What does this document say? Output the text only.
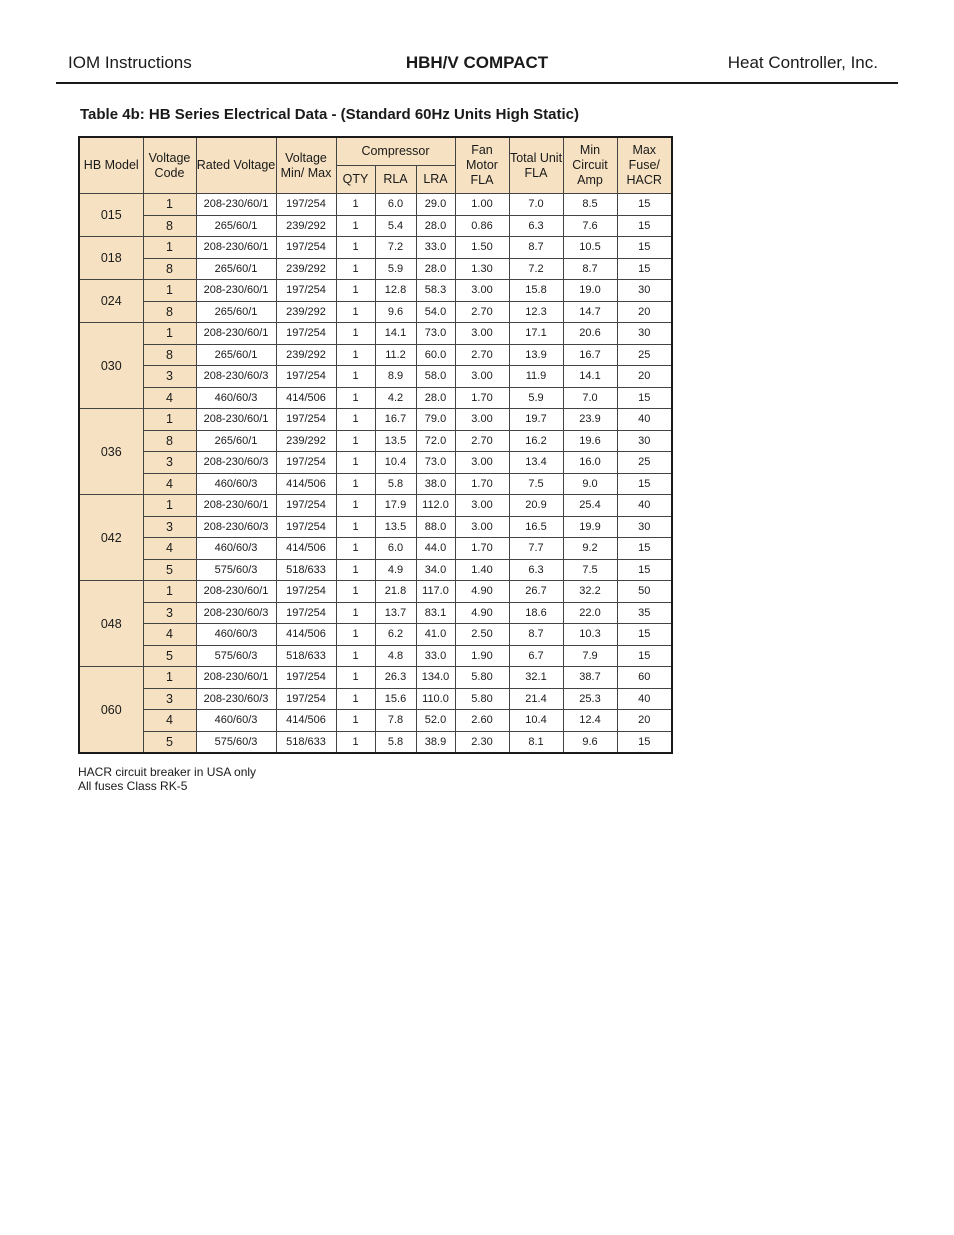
IOM Instructions	HBH/V COMPACT	Heat Controller, Inc.
Table 4b: HB Series Electrical Data - (Standard 60Hz Units High Static)
HB Model	Voltage Code	Rated Voltage	Voltage Min/ Max	Compressor			Fan Motor FLA	Total Unit FLA	Min Circuit Amp	Max Fuse/ HACR
				QTY	RLA	LRA				
015	1	208-230/60/1	197/254	1	6.0	29.0	1.00	7.0	8.5	15
	8	265/60/1	239/292	1	5.4	28.0	0.86	6.3	7.6	15
018	1	208-230/60/1	197/254	1	7.2	33.0	1.50	8.7	10.5	15
	8	265/60/1	239/292	1	5.9	28.0	1.30	7.2	8.7	15
024	1	208-230/60/1	197/254	1	12.8	58.3	3.00	15.8	19.0	30
	8	265/60/1	239/292	1	9.6	54.0	2.70	12.3	14.7	20
030	1	208-230/60/1	197/254	1	14.1	73.0	3.00	17.1	20.6	30
	8	265/60/1	239/292	1	11.2	60.0	2.70	13.9	16.7	25
	3	208-230/60/3	197/254	1	8.9	58.0	3.00	11.9	14.1	20
	4	460/60/3	414/506	1	4.2	28.0	1.70	5.9	7.0	15
036	1	208-230/60/1	197/254	1	16.7	79.0	3.00	19.7	23.9	40
	8	265/60/1	239/292	1	13.5	72.0	2.70	16.2	19.6	30
	3	208-230/60/3	197/254	1	10.4	73.0	3.00	13.4	16.0	25
	4	460/60/3	414/506	1	5.8	38.0	1.70	7.5	9.0	15
042	1	208-230/60/1	197/254	1	17.9	112.0	3.00	20.9	25.4	40
	3	208-230/60/3	197/254	1	13.5	88.0	3.00	16.5	19.9	30
	4	460/60/3	414/506	1	6.0	44.0	1.70	7.7	9.2	15
	5	575/60/3	518/633	1	4.9	34.0	1.40	6.3	7.5	15
048	1	208-230/60/1	197/254	1	21.8	117.0	4.90	26.7	32.2	50
	3	208-230/60/3	197/254	1	13.7	83.1	4.90	18.6	22.0	35
	4	460/60/3	414/506	1	6.2	41.0	2.50	8.7	10.3	15
	5	575/60/3	518/633	1	4.8	33.0	1.90	6.7	7.9	15
060	1	208-230/60/1	197/254	1	26.3	134.0	5.80	32.1	38.7	60
	3	208-230/60/3	197/254	1	15.6	110.0	5.80	21.4	25.3	40
	4	460/60/3	414/506	1	7.8	52.0	2.60	10.4	12.4	20
	5	575/60/3	518/633	1	5.8	38.9	2.30	8.1	9.6	15
HACR circuit breaker in USA only
All fuses Class RK-5
